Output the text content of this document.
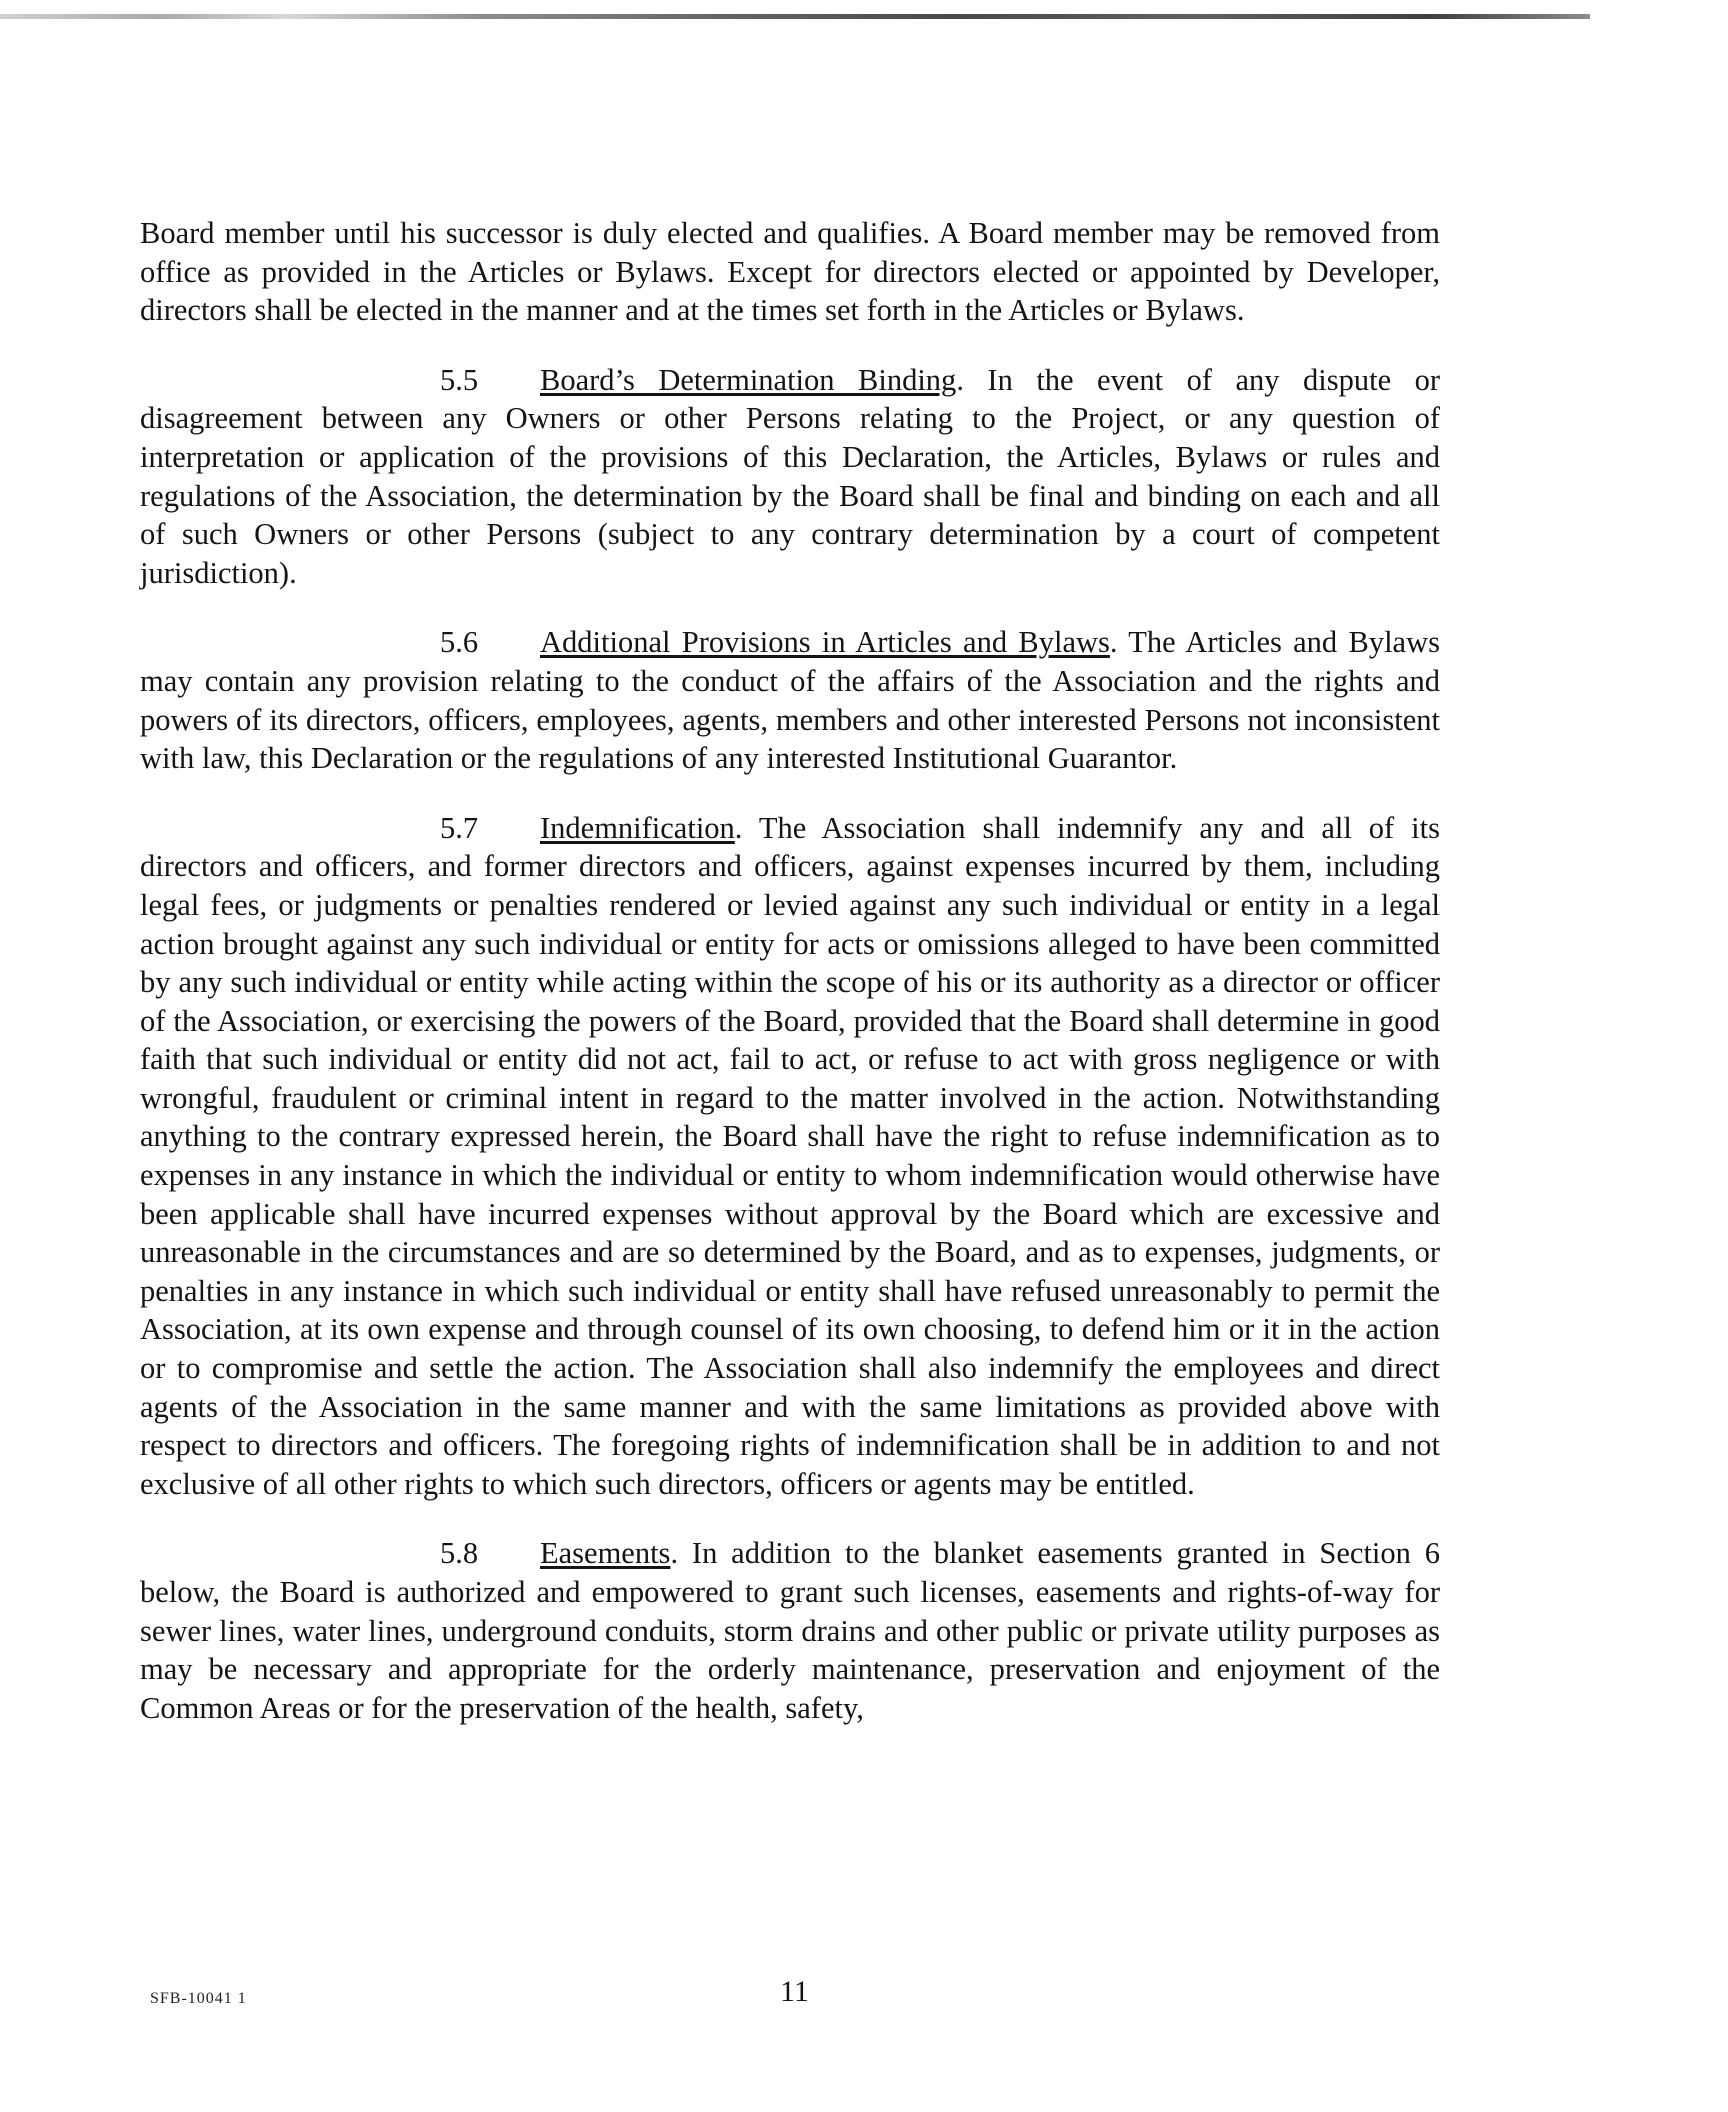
Board member until his successor is duly elected and qualifies. A Board member may be removed from office as provided in the Articles or Bylaws. Except for directors elected or appointed by Developer, directors shall be elected in the manner and at the times set forth in the Articles or Bylaws.

5.5 Board’s Determination Binding. In the event of any dispute or disagreement between any Owners or other Persons relating to the Project, or any question of interpretation or application of the provisions of this Declaration, the Articles, Bylaws or rules and regulations of the Association, the determination by the Board shall be final and binding on each and all of such Owners or other Persons (subject to any contrary determination by a court of competent jurisdiction).

5.6 Additional Provisions in Articles and Bylaws. The Articles and Bylaws may contain any provision relating to the conduct of the affairs of the Association and the rights and powers of its directors, officers, employees, agents, members and other interested Persons not inconsistent with law, this Declaration or the regulations of any interested Institutional Guarantor.

5.7 Indemnification. The Association shall indemnify any and all of its directors and officers, and former directors and officers, against expenses incurred by them, including legal fees, or judgments or penalties rendered or levied against any such individual or entity in a legal action brought against any such individual or entity for acts or omissions alleged to have been committed by any such individual or entity while acting within the scope of his or its authority as a director or officer of the Association, or exercising the powers of the Board, provided that the Board shall determine in good faith that such individual or entity did not act, fail to act, or refuse to act with gross negligence or with wrongful, fraudulent or criminal intent in regard to the matter involved in the action. Notwithstanding anything to the contrary expressed herein, the Board shall have the right to refuse indemnification as to expenses in any instance in which the individual or entity to whom indemnification would otherwise have been applicable shall have incurred expenses without approval by the Board which are excessive and unreasonable in the circumstances and are so determined by the Board, and as to expenses, judgments, or penalties in any instance in which such individual or entity shall have refused unreasonably to permit the Association, at its own expense and through counsel of its own choosing, to defend him or it in the action or to compromise and settle the action. The Association shall also indemnify the employees and direct agents of the Association in the same manner and with the same limitations as provided above with respect to directors and officers. The foregoing rights of indemnification shall be in addition to and not exclusive of all other rights to which such directors, officers or agents may be entitled.

5.8 Easements. In addition to the blanket easements granted in Section 6 below, the Board is authorized and empowered to grant such licenses, easements and rights-of-way for sewer lines, water lines, underground conduits, storm drains and other public or private utility purposes as may be necessary and appropriate for the orderly maintenance, preservation and enjoyment of the Common Areas or for the preservation of the health, safety,

SFB-10041 1	11
